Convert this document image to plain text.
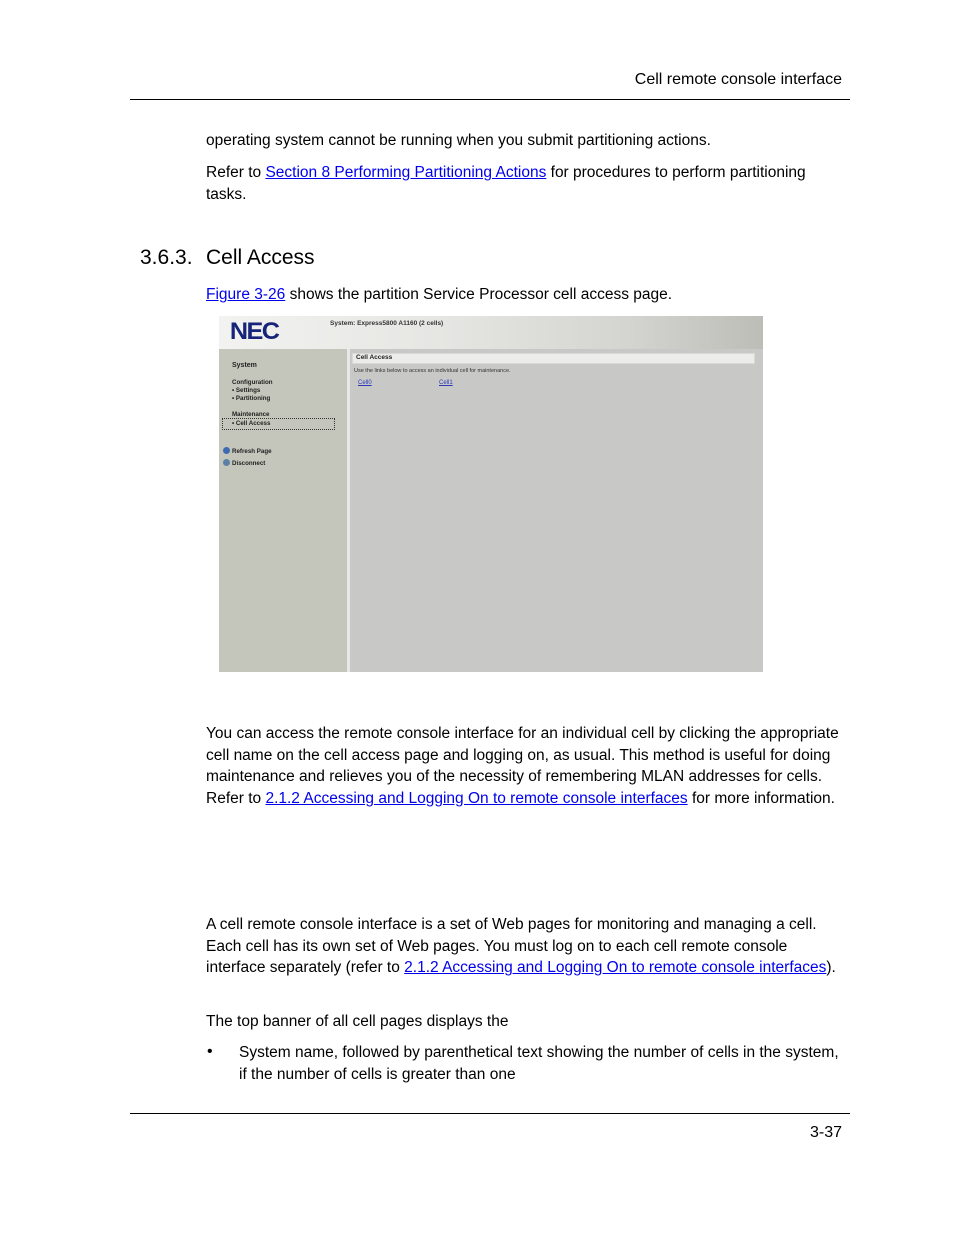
Cell remote console interface
operating system cannot be running when you submit partitioning actions.
Refer to Section 8 Performing Partitioning Actions for procedures to perform partitioning tasks.
3.6.3. Cell Access
Figure 3-26 shows the partition Service Processor cell access page.
NEC	System: Express5800 A1160 (2 cells)
System
Configuration
• Settings
• Partitioning
Maintenance
• Cell Access
Refresh Page
Disconnect
Cell Access
Use the links below to access an individual cell for maintenance.
Cell0	Cell1
You can access the remote console interface for an individual cell by clicking the appropriate cell name on the cell access page and logging on, as usual. This method is useful for doing maintenance and relieves you of the necessity of remembering MLAN addresses for cells. Refer to 2.1.2 Accessing and Logging On to remote console interfaces for more information.
A cell remote console interface is a set of Web pages for monitoring and managing a cell. Each cell has its own set of Web pages. You must log on to each cell remote console interface separately (refer to 2.1.2 Accessing and Logging On to remote console interfaces).
The top banner of all cell pages displays the
• System name, followed by parenthetical text showing the number of cells in the system, if the number of cells is greater than one
3-37
